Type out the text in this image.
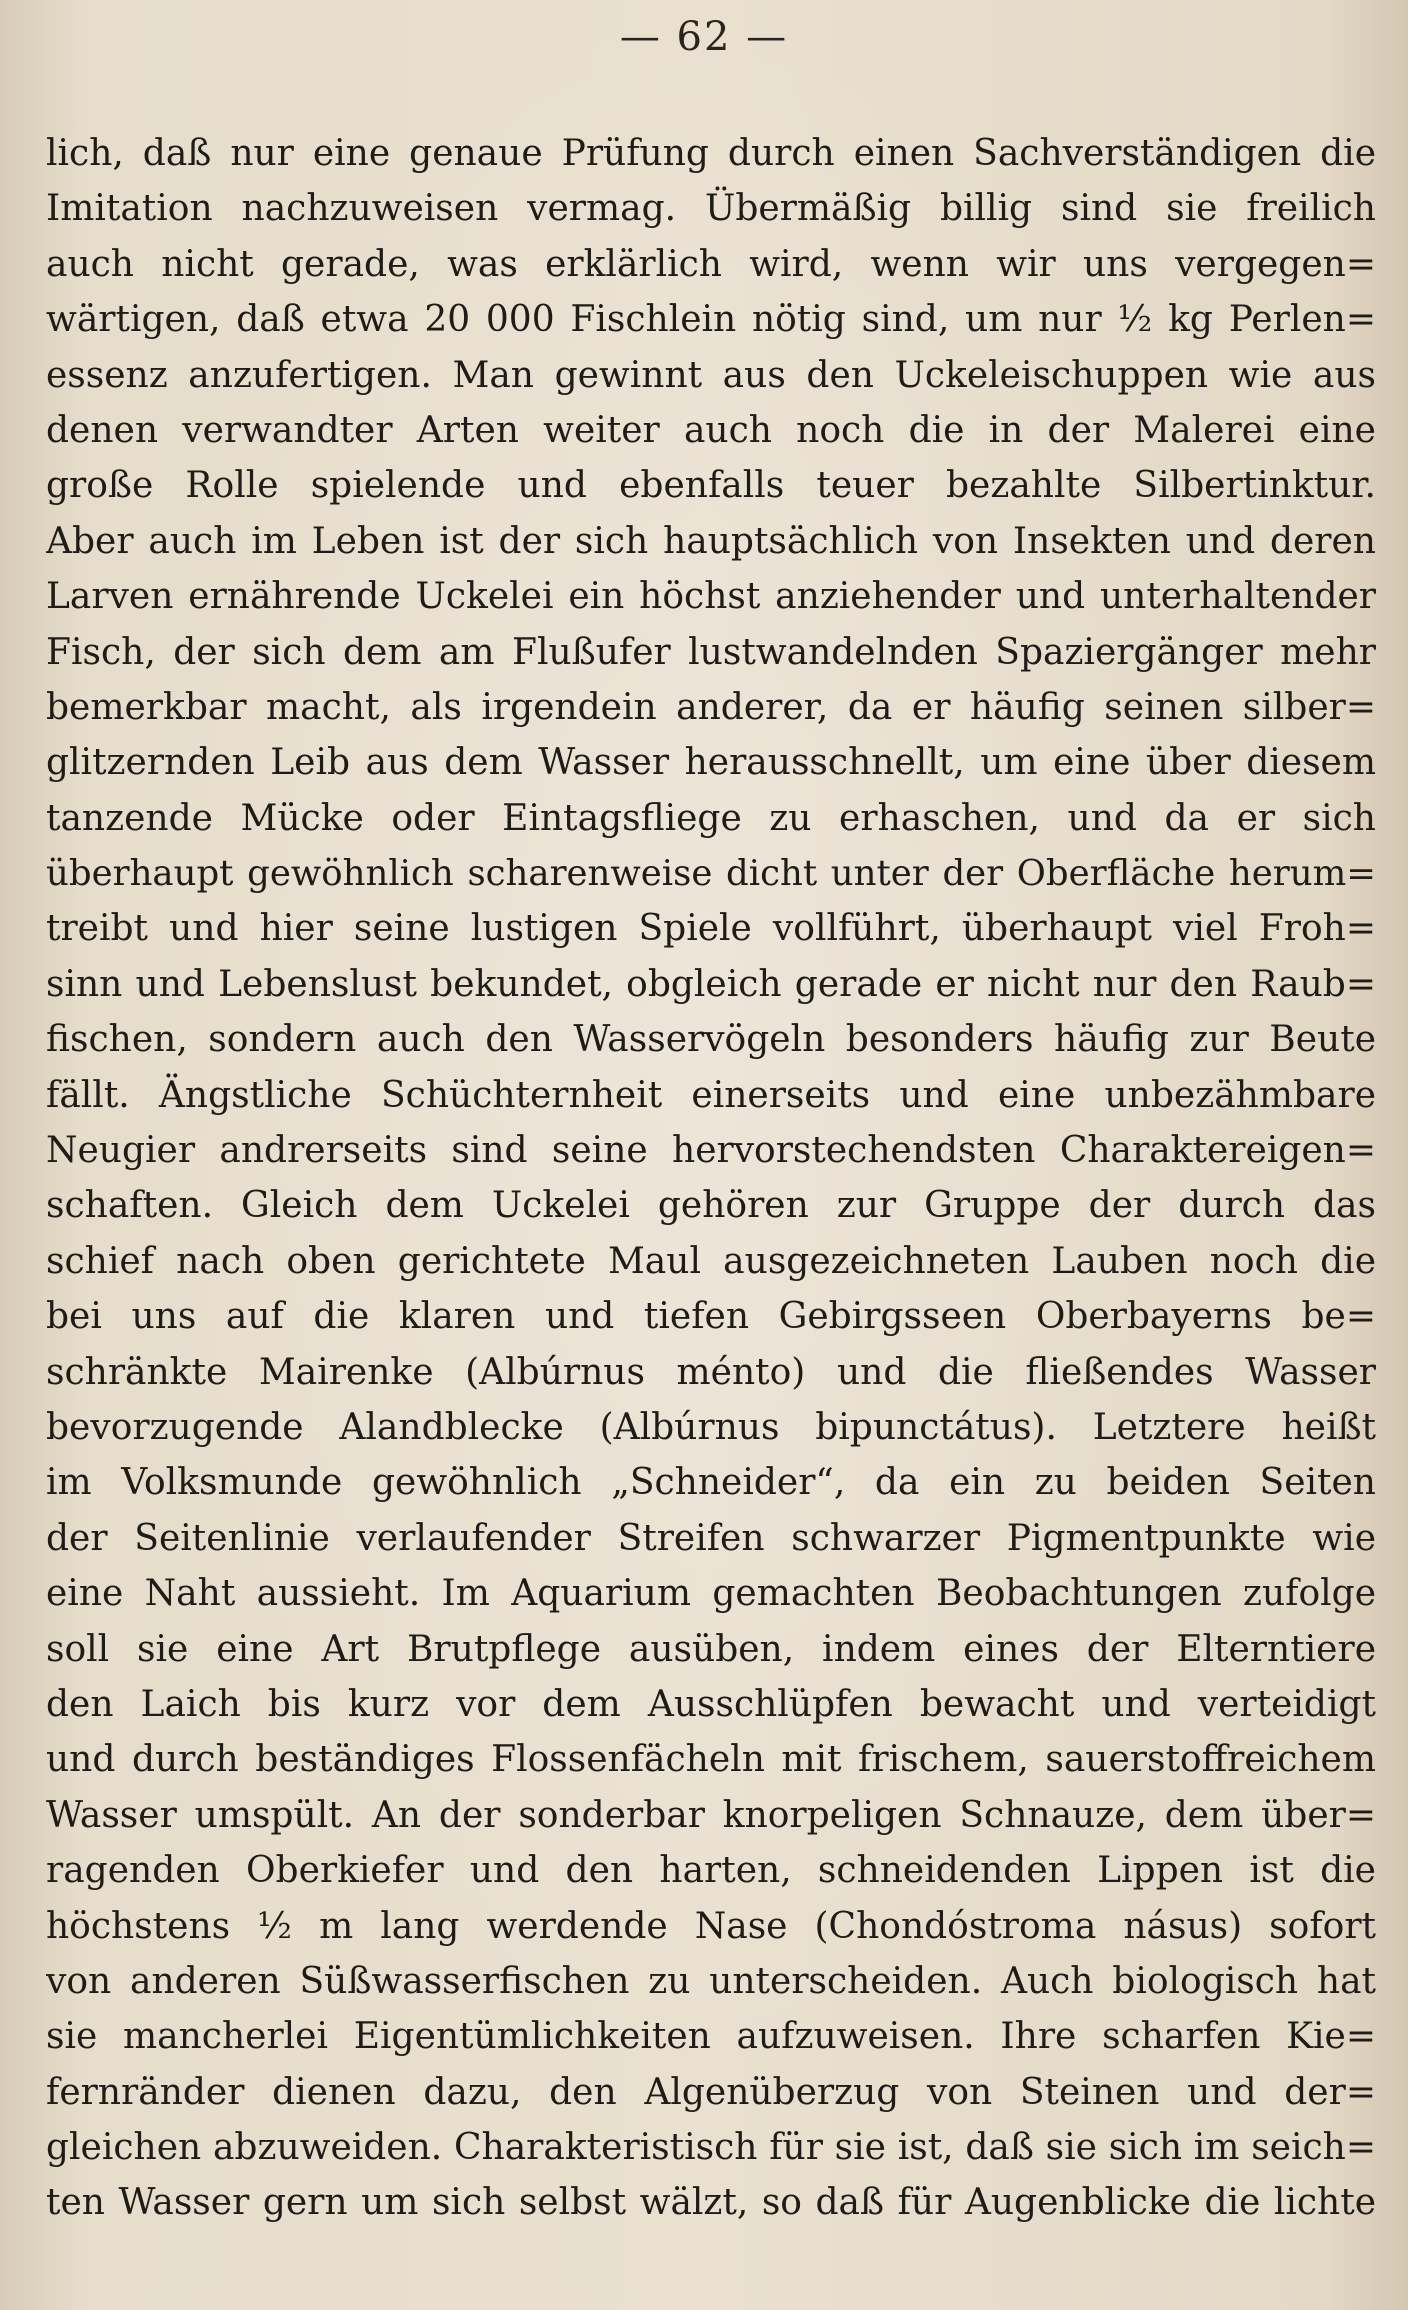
— 62 —
lich, daß nur eine genaue Prüfung durch einen Sachverständigen die
Imitation nachzuweisen vermag. Übermäßig billig sind sie freilich
auch nicht gerade, was erklärlich wird, wenn wir uns vergegen=
wärtigen, daß etwa 20 000 Fischlein nötig sind, um nur ½ kg Perlen=
essenz anzufertigen. Man gewinnt aus den Uckeleischuppen wie aus
denen verwandter Arten weiter auch noch die in der Malerei eine
große Rolle spielende und ebenfalls teuer bezahlte Silbertinktur.
Aber auch im Leben ist der sich hauptsächlich von Insekten und deren
Larven ernährende Uckelei ein höchst anziehender und unterhaltender
Fisch, der sich dem am Flußufer lustwandelnden Spaziergänger mehr
bemerkbar macht, als irgendein anderer, da er häufig seinen silber=
glitzernden Leib aus dem Wasser herausschnellt, um eine über diesem
tanzende Mücke oder Eintagsfliege zu erhaschen, und da er sich
überhaupt gewöhnlich scharenweise dicht unter der Oberfläche herum=
treibt und hier seine lustigen Spiele vollführt, überhaupt viel Froh=
sinn und Lebenslust bekundet, obgleich gerade er nicht nur den Raub=
fischen, sondern auch den Wasservögeln besonders häufig zur Beute
fällt. Ängstliche Schüchternheit einerseits und eine unbezähmbare
Neugier andrerseits sind seine hervorstechendsten Charaktereigen=
schaften. Gleich dem Uckelei gehören zur Gruppe der durch das
schief nach oben gerichtete Maul ausgezeichneten Lauben noch die
bei uns auf die klaren und tiefen Gebirgsseen Oberbayerns be=
schränkte Mairenke (Albúrnus ménto) und die fließendes Wasser
bevorzugende Alandblecke (Albúrnus bipunctátus). Letztere heißt
im Volksmunde gewöhnlich „Schneider“, da ein zu beiden Seiten
der Seitenlinie verlaufender Streifen schwarzer Pigmentpunkte wie
eine Naht aussieht. Im Aquarium gemachten Beobachtungen zufolge
soll sie eine Art Brutpflege ausüben, indem eines der Elterntiere
den Laich bis kurz vor dem Ausschlüpfen bewacht und verteidigt
und durch beständiges Flossenfächeln mit frischem, sauerstoffreichem
Wasser umspült. An der sonderbar knorpeligen Schnauze, dem über=
ragenden Oberkiefer und den harten, schneidenden Lippen ist die
höchstens ½ m lang werdende Nase (Chondóstroma násus) sofort
von anderen Süßwasserfischen zu unterscheiden. Auch biologisch hat
sie mancherlei Eigentümlichkeiten aufzuweisen. Ihre scharfen Kie=
fernränder dienen dazu, den Algenüberzug von Steinen und der=
gleichen abzuweiden. Charakteristisch für sie ist, daß sie sich im seich=
ten Wasser gern um sich selbst wälzt, so daß für Augenblicke die lichte
